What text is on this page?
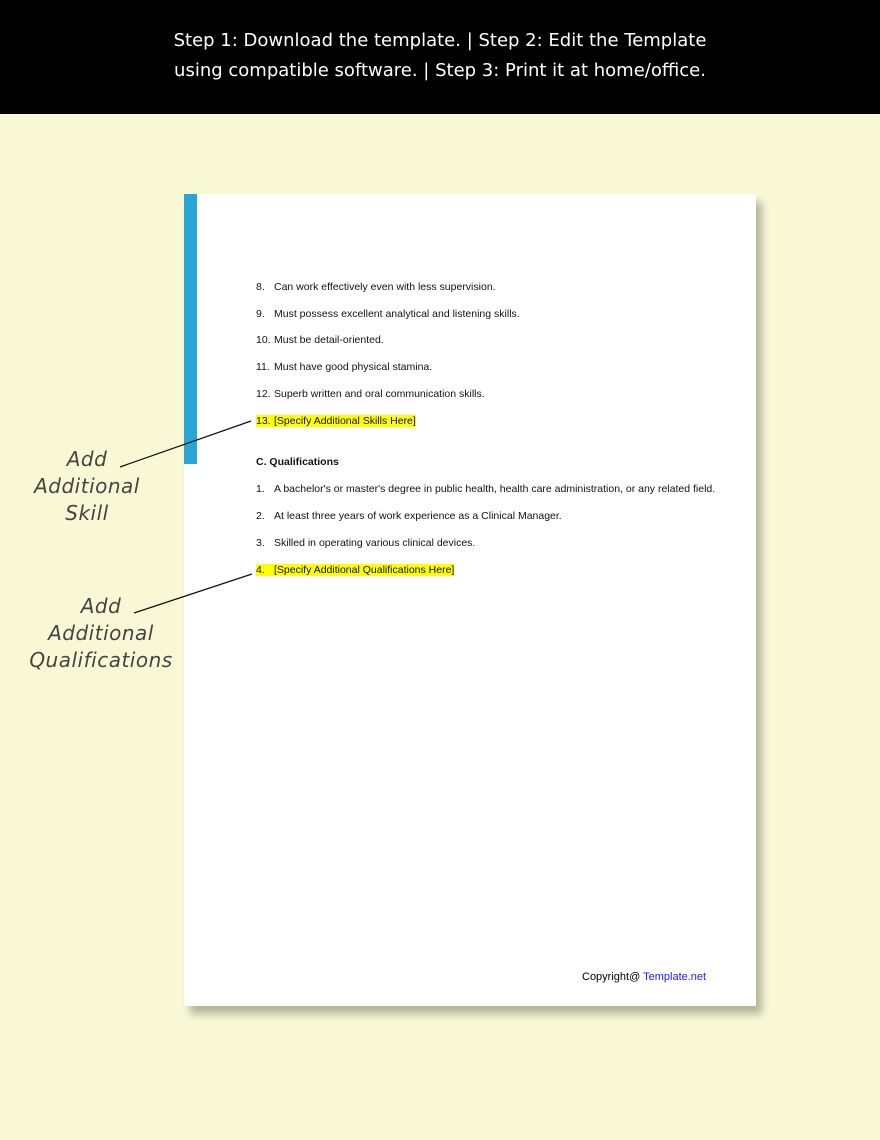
Step 1: Download the template. | Step 2: Edit the Template
using compatible software. | Step 3: Print it at home/office.
8. Can work effectively even with less supervision.
9. Must possess excellent analytical and listening skills.
10. Must be detail-oriented.
11. Must have good physical stamina.
12. Superb written and oral communication skills.
13. [Specify Additional Skills Here]
C. Qualifications
1. A bachelor's or master's degree in public health, health care administration, or any related field.
2. At least three years of work experience as a Clinical Manager.
3. Skilled in operating various clinical devices.
4. [Specify Additional Qualifications Here]
Copyright@ Template.net
Add
Additional
Skill
Add
Additional
Qualifications
